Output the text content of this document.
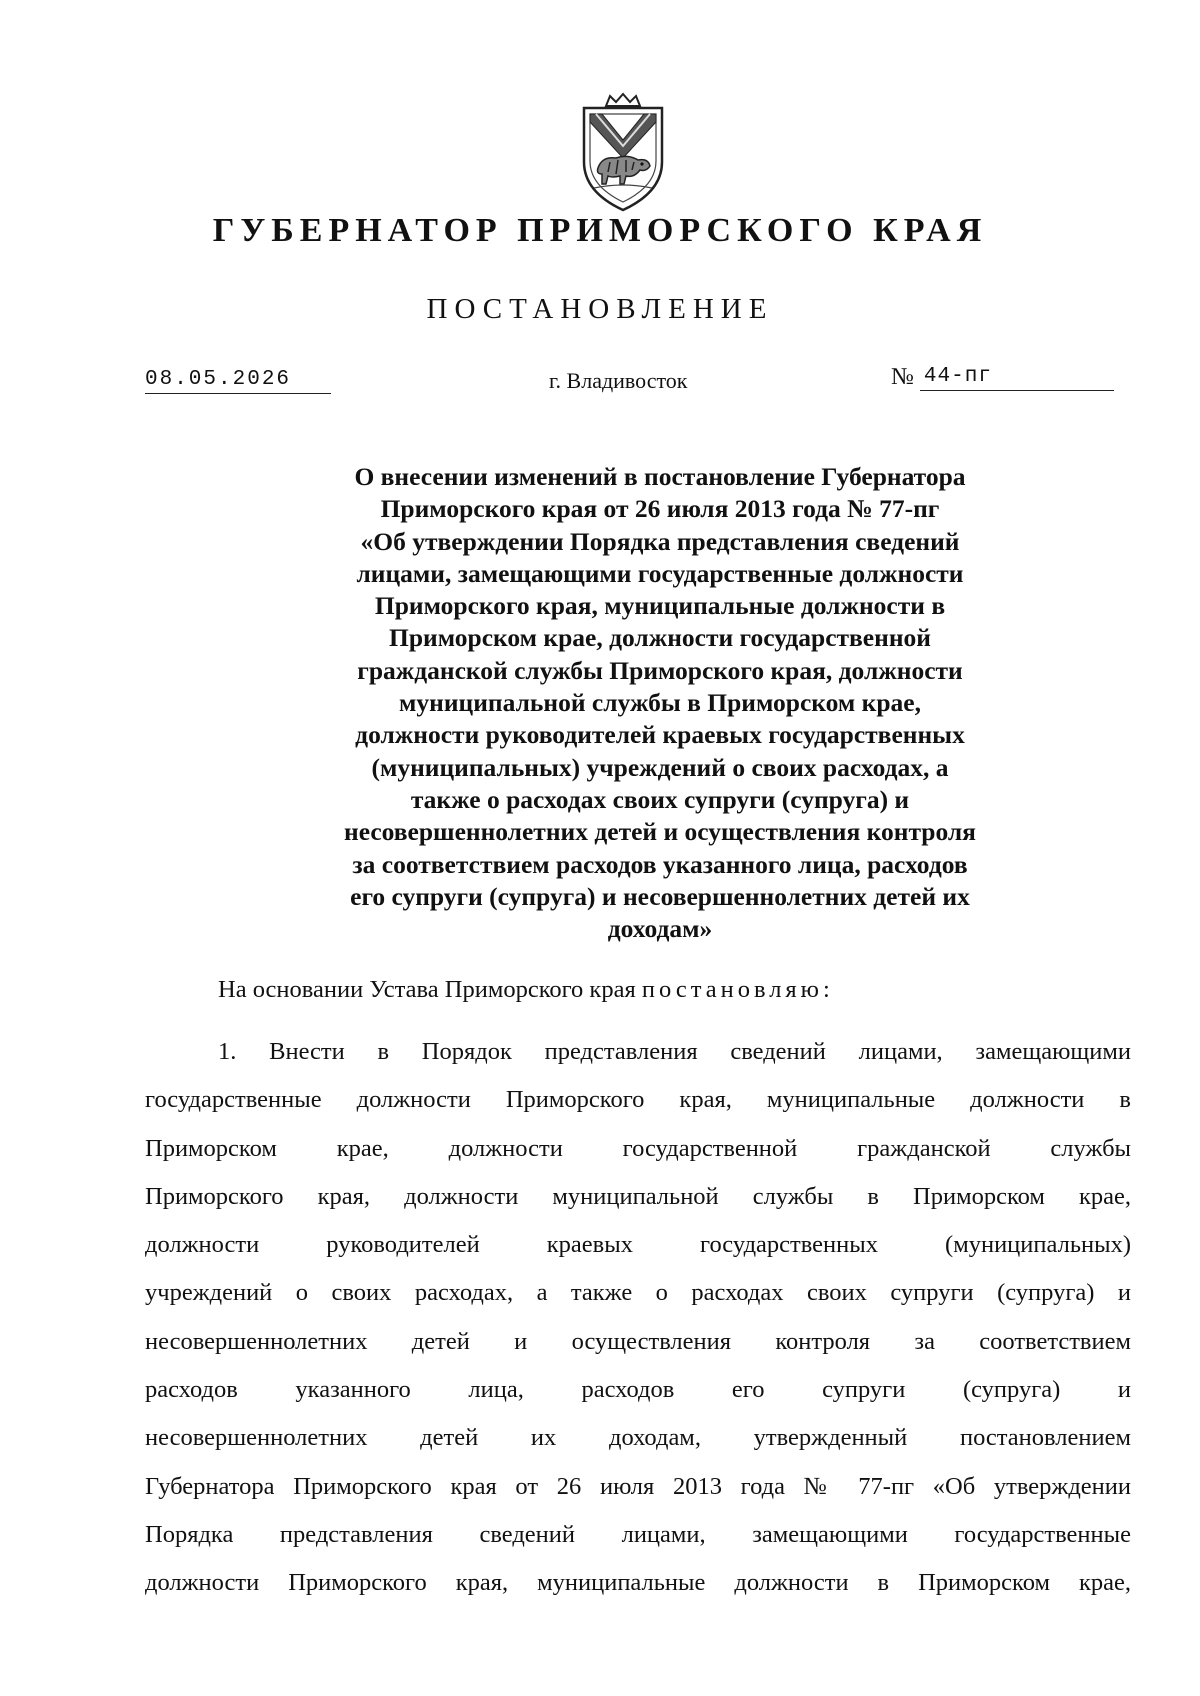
ГУБЕРНАТОР ПРИМОРСКОГО КРАЯ
ПОСТАНОВЛЕНИЕ
08.05.2026	г. Владивосток	№ 44-пг
О внесении изменений в постановление Губернатора
Приморского края от 26 июля 2013 года № 77-пг
«Об утверждении Порядка представления сведений
лицами, замещающими государственные должности
Приморского края, муниципальные должности в
Приморском крае, должности государственной
гражданской службы Приморского края, должности
муниципальной службы в Приморском крае,
должности руководителей краевых государственных
(муниципальных) учреждений о своих расходах, а
также о расходах своих супруги (супруга) и
несовершеннолетних детей и осуществления контроля
за соответствием расходов указанного лица, расходов
его супруги (супруга) и несовершеннолетних детей их
доходам»
На основании Устава Приморского края постановляю:
1. Внести в Порядок представления сведений лицами, замещающими
государственные должности Приморского края, муниципальные должности в
Приморском крае, должности государственной гражданской службы
Приморского края, должности муниципальной службы в Приморском крае,
должности руководителей краевых государственных (муниципальных)
учреждений о своих расходах, а также о расходах своих супруги (супруга) и
несовершеннолетних детей и осуществления контроля за соответствием
расходов указанного лица, расходов его супруги (супруга) и
несовершеннолетних детей их доходам, утвержденный постановлением
Губернатора Приморского края от 26 июля 2013 года № 77-пг «Об утверждении
Порядка представления сведений лицами, замещающими государственные
должности Приморского края, муниципальные должности в Приморском крае,
